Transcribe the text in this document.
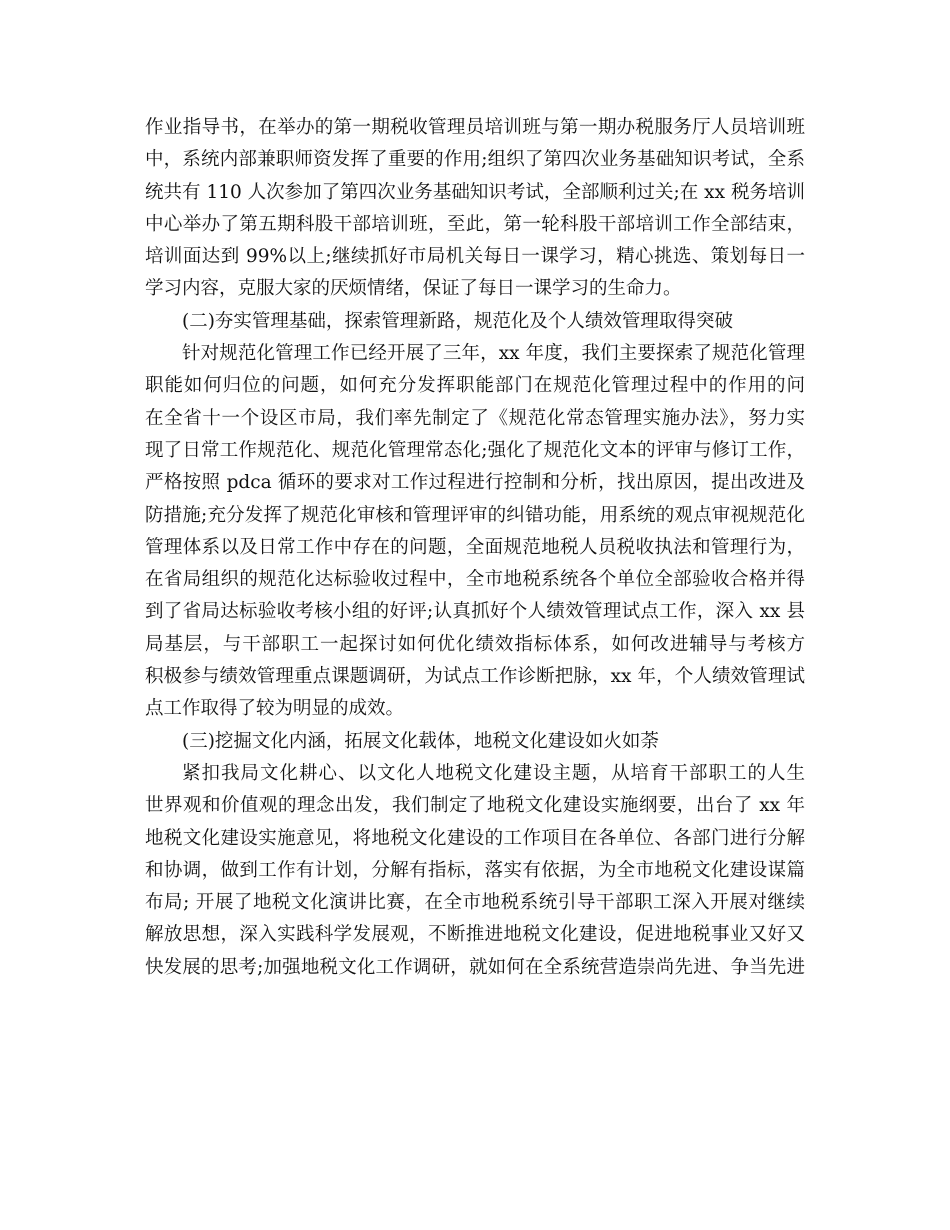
作业指导书，在举办的第一期税收管理员培训班与第一期办税服务厅人员培训班
中，系统内部兼职师资发挥了重要的作用;组织了第四次业务基础知识考试，全系
统共有 110 人次参加了第四次业务基础知识考试，全部顺利过关;在 xx 税务培训
中心举办了第五期科股干部培训班，至此，第一轮科股干部培训工作全部结束，
培训面达到 99%以上;继续抓好市局机关每日一课学习，精心挑选、策划每日一
学习内容，克服大家的厌烦情绪，保证了每日一课学习的生命力。
(二)夯实管理基础，探索管理新路，规范化及个人绩效管理取得突破
针对规范化管理工作已经开展了三年，xx 年度，我们主要探索了规范化管理
职能如何归位的问题，如何充分发挥职能部门在规范化管理过程中的作用的问
在全省十一个设区市局，我们率先制定了《规范化常态管理实施办法》，努力实
现了日常工作规范化、规范化管理常态化;强化了规范化文本的评审与修订工作，
严格按照 pdca 循环的要求对工作过程进行控制和分析，找出原因，提出改进及
防措施;充分发挥了规范化审核和管理评审的纠错功能，用系统的观点审视规范化
管理体系以及日常工作中存在的问题，全面规范地税人员税收执法和管理行为，
在省局组织的规范化达标验收过程中，全市地税系统各个单位全部验收合格并得
到了省局达标验收考核小组的好评;认真抓好个人绩效管理试点工作，深入 xx 县
局基层，与干部职工一起探讨如何优化绩效指标体系，如何改进辅导与考核方
积极参与绩效管理重点课题调研，为试点工作诊断把脉，xx 年，个人绩效管理试
点工作取得了较为明显的成效。
(三)挖掘文化内涵，拓展文化载体，地税文化建设如火如荼
紧扣我局文化耕心、以文化人地税文化建设主题，从培育干部职工的人生
世界观和价值观的理念出发，我们制定了地税文化建设实施纲要，出台了 xx 年
地税文化建设实施意见，将地税文化建设的工作项目在各单位、各部门进行分解
和协调，做到工作有计划，分解有指标，落实有依据，为全市地税文化建设谋篇
布局; 开展了地税文化演讲比赛，在全市地税系统引导干部职工深入开展对继续
解放思想，深入实践科学发展观，不断推进地税文化建设，促进地税事业又好又
快发展的思考;加强地税文化工作调研，就如何在全系统营造崇尚先进、争当先进
